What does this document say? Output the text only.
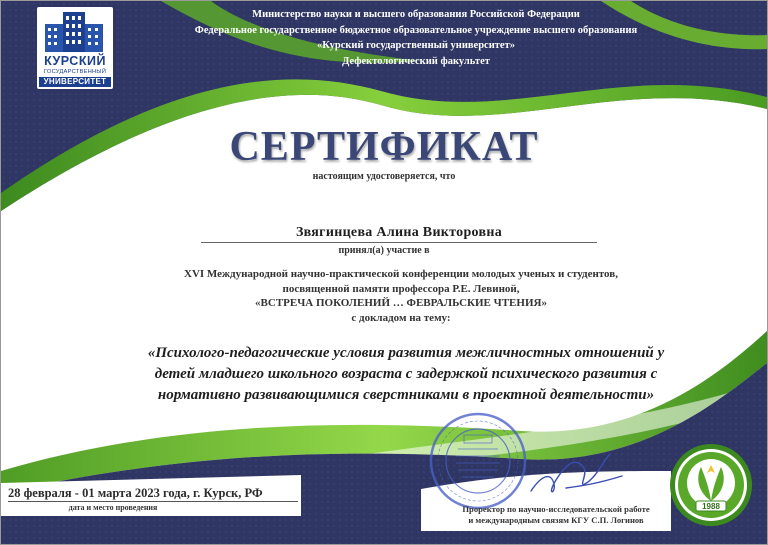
КУРСКИЙ
ГОСУДАРСТВЕННЫЙ
УНИВЕРСИТЕТ
Министерство науки и высшего образования Российской Федерации
Федеральное государственное бюджетное образовательное учреждение высшего образования
«Курский государственный университет»
Дефектологический факультет
СЕРТИФИКАТ
настоящим удостоверяется, что
Звягинцева Алина Викторовна
принял(а) участие в
XVI Международной научно-практической конференции молодых ученых и студентов,
посвященной памяти профессора Р.Е. Левиной,
«ВСТРЕЧА ПОКОЛЕНИЙ … ФЕВРАЛЬСКИЕ ЧТЕНИЯ»
с докладом на тему:
«Психолого-педагогические условия развития межличностных отношений у
детей младшего школьного возраста с задержкой психического развития с
нормативно развивающимися сверстниками в проектной деятельности»
28 февраля - 01 марта 2023 года, г. Курск, РФ
дата и место проведения	Проректор по научно-исследовательской работе
и международным связям КГУ С.П. Логинов
1988
